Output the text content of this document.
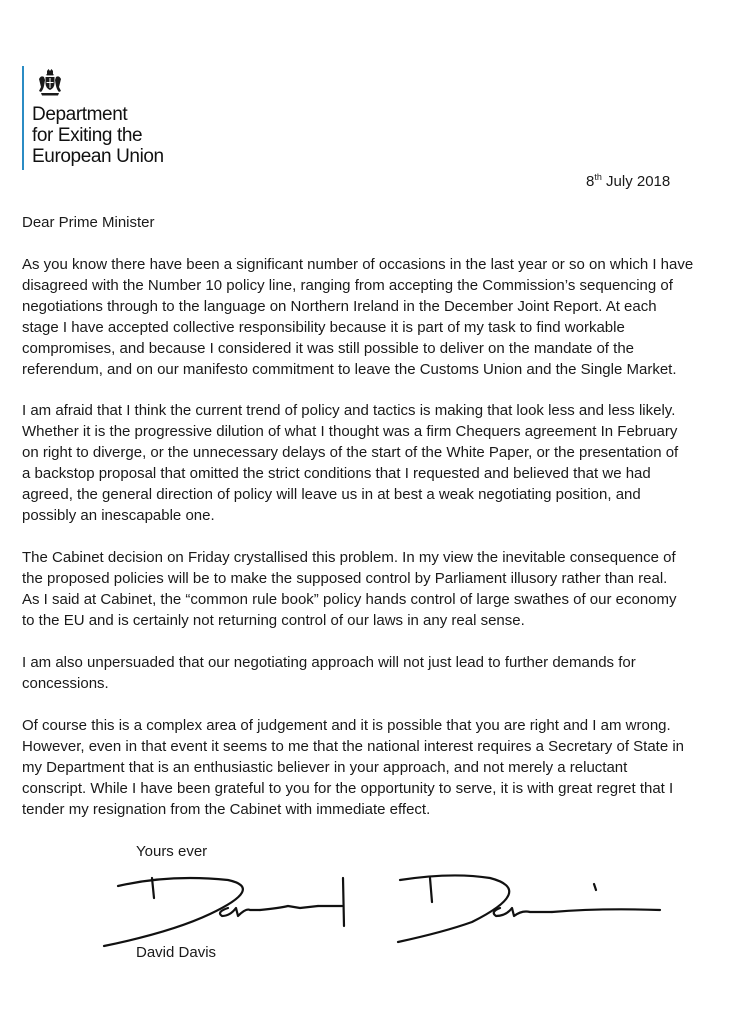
Department
for Exiting the
European Union
8th July 2018
Dear Prime Minister
As you know there have been a significant number of occasions in the last year or so on which I have
disagreed with the Number 10 policy line, ranging from accepting the Commission’s sequencing of
negotiations through to the language on Northern Ireland in the December Joint Report. At each
stage I have accepted collective responsibility because it is part of my task to find workable
compromises, and because I considered it was still possible to deliver on the mandate of the
referendum, and on our manifesto commitment to leave the Customs Union and the Single Market.
I am afraid that I think the current trend of policy and tactics is making that look less and less likely.
Whether it is the progressive dilution of what I thought was a firm Chequers agreement In February
on right to diverge, or the unnecessary delays of the start of the White Paper, or the presentation of
a backstop proposal that omitted the strict conditions that I requested and believed that we had
agreed, the general direction of policy will leave us in at best a weak negotiating position, and
possibly an inescapable one.
The Cabinet decision on Friday crystallised this problem. In my view the inevitable consequence of
the proposed policies will be to make the supposed control by Parliament illusory rather than real.
As I said at Cabinet, the “common rule book” policy hands control of large swathes of our economy
to the EU and is certainly not returning control of our laws in any real sense.
I am also unpersuaded that our negotiating approach will not just lead to further demands for
concessions.
Of course this is a complex area of judgement and it is possible that you are right and I am wrong.
However, even in that event it seems to me that the national interest requires a Secretary of State in
my Department that is an enthusiastic believer in your approach, and not merely a reluctant
conscript. While I have been grateful to you for the opportunity to serve, it is with great regret that I
tender my resignation from the Cabinet with immediate effect.
Yours ever
David Davis
